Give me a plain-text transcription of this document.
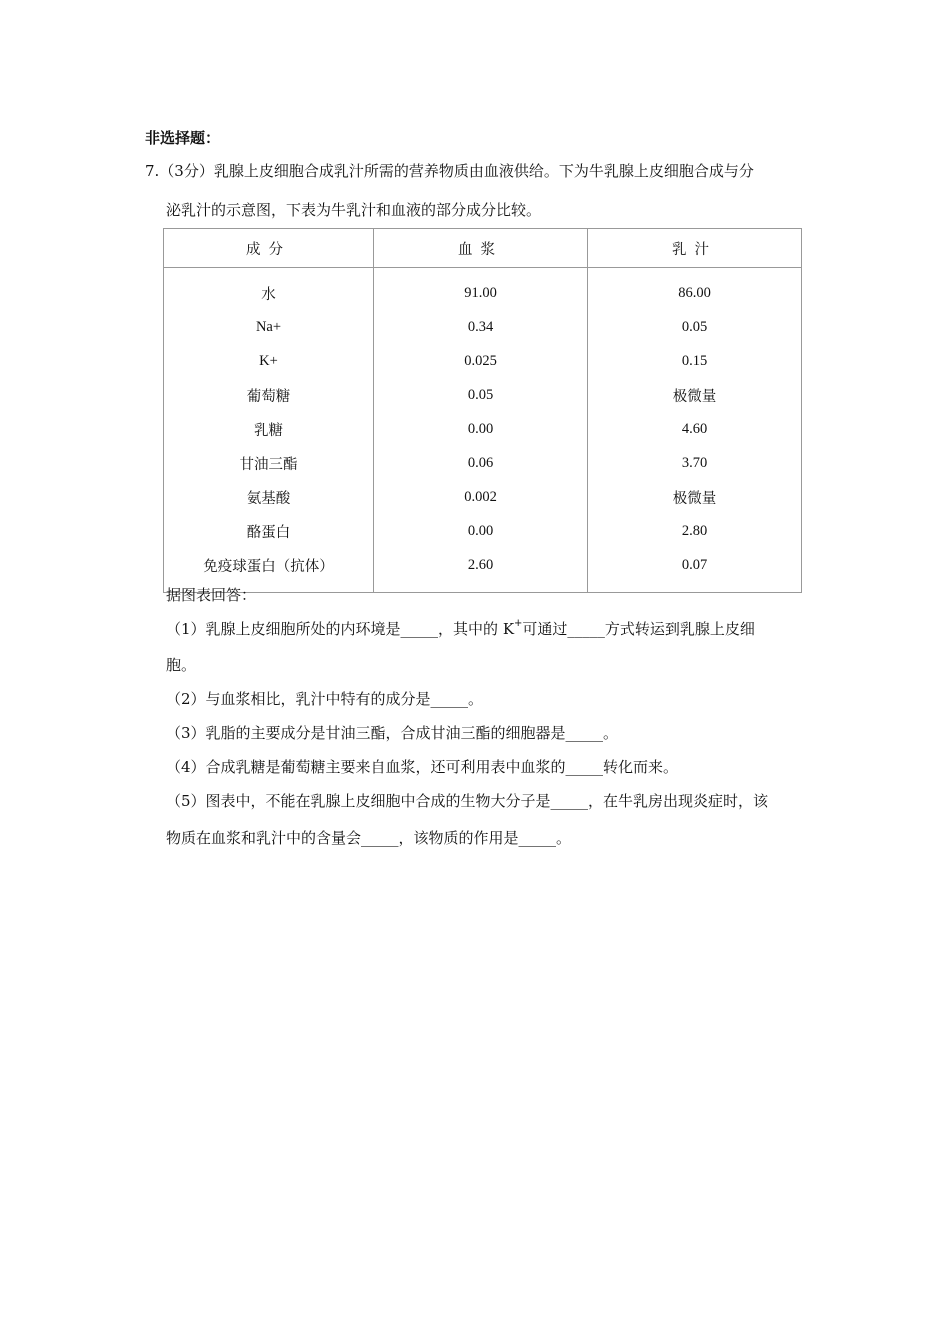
非选择题：
7.（3分）乳腺上皮细胞合成乳汁所需的营养物质由血液供给。下为牛乳腺上皮细胞合成与分
泌乳汁的示意图，下表为牛乳汁和血液的部分成分比较。
成分	血浆	乳汁
水	91.00	86.00
Na+	0.34	0.05
K+	0.025	0.15
葡萄糖	0.05	极微量
乳糖	0.00	4.60
甘油三酯	0.06	3.70
氨基酸	0.002	极微量
酪蛋白	0.00	2.80
免疫球蛋白（抗体）	2.60	0.07
据图表回答：
（1）乳腺上皮细胞所处的内环境是_____，其中的 K+可通过_____方式转运到乳腺上皮细
胞。
（2）与血浆相比，乳汁中特有的成分是_____。
（3）乳脂的主要成分是甘油三酯，合成甘油三酯的细胞器是_____。
（4）合成乳糖是葡萄糖主要来自血浆，还可利用表中血浆的_____转化而来。
（5）图表中，不能在乳腺上皮细胞中合成的生物大分子是_____，在牛乳房出现炎症时，该
物质在血浆和乳汁中的含量会_____，该物质的作用是_____。
